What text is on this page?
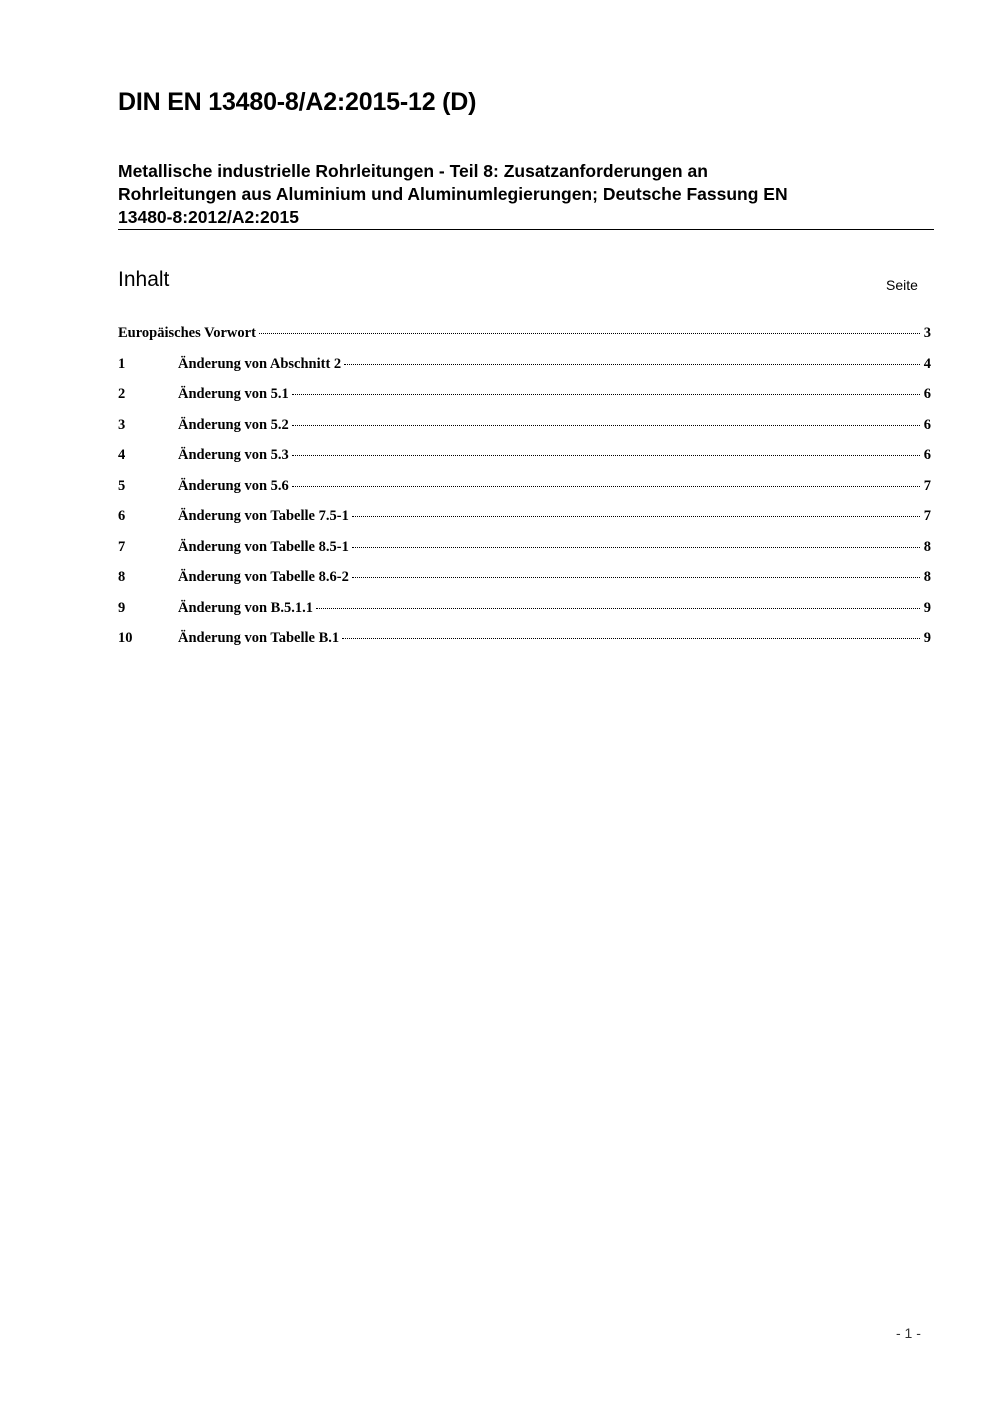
DIN EN 13480-8/A2:2015-12 (D)
Metallische industrielle Rohrleitungen - Teil 8: Zusatzanforderungen an
Rohrleitungen aus Aluminium und Aluminumlegierungen; Deutsche Fassung EN
13480-8:2012/A2:2015
Inhalt	Seite
Europäisches Vorwort	3
1	Änderung von Abschnitt 2	4
2	Änderung von 5.1	6
3	Änderung von 5.2	6
4	Änderung von 5.3	6
5	Änderung von 5.6	7
6	Änderung von Tabelle 7.5-1	7
7	Änderung von Tabelle 8.5-1	8
8	Änderung von Tabelle 8.6-2	8
9	Änderung von B.5.1.1	9
10	Änderung von Tabelle B.1	9
- 1 -
